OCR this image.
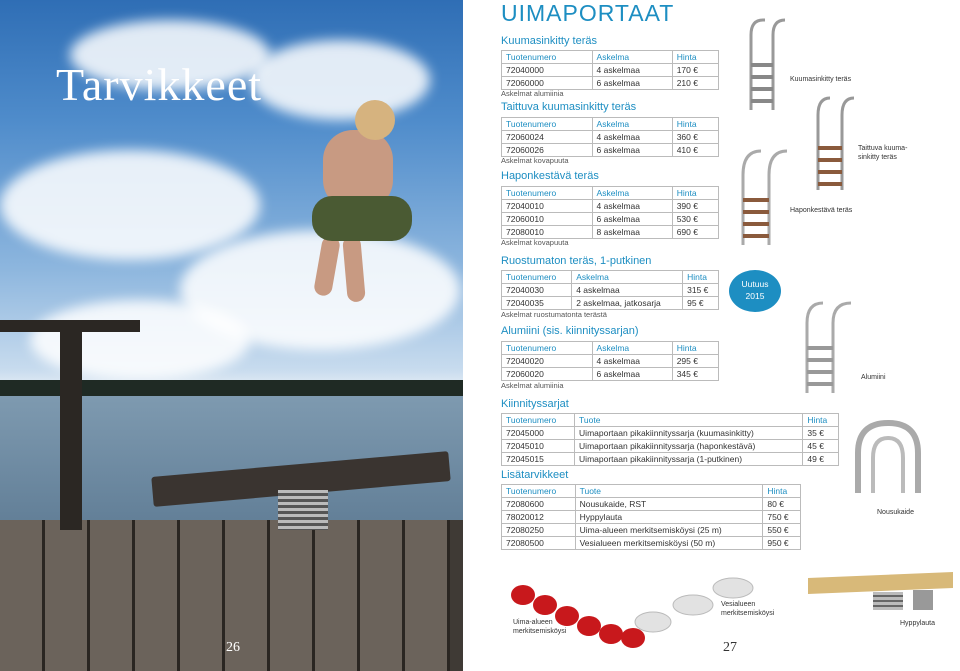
Tarvikkeet
26
UIMAPORTAAT
Kuumasinkitty teräs
Tuotenumero	Askelma	Hinta
72040000	4 askelmaa	170 €
72060000	6 askelmaa	210 €
Askelmat alumiinia
Taittuva kuumasinkitty teräs
Tuotenumero	Askelma	Hinta
72060024	4 askelmaa	360 €
72060026	6 askelmaa	410 €
Askelmat kovapuuta
Haponkestävä teräs
Tuotenumero	Askelma	Hinta
72040010	4 askelmaa	390 €
72060010	6 askelmaa	530 €
72080010	8 askelmaa	690 €
Askelmat kovapuuta
Ruostumaton teräs, 1-putkinen
Tuotenumero	Askelma	Hinta
72040030	4 askelmaa	315 €
72040035	2 askelmaa, jatkosarja	95 €
Askelmat ruostumatonta terästä
Alumiini (sis. kiinnityssarjan)
Tuotenumero	Askelma	Hinta
72040020	4 askelmaa	295 €
72060020	6 askelmaa	345 €
Askelmat alumiinia
Kiinnityssarjat
Tuotenumero	Tuote	Hinta
72045000	Uimaportaan pikakiinnityssarja (kuumasinkitty)	35 €
72045010	Uimaportaan pikakiinnityssarja (haponkestävä)	45 €
72045015	Uimaportaan pikakiinnityssarja (1-putkinen)	49 €
Lisätarvikkeet
Tuotenumero	Tuote	Hinta
72080600	Nousukaide, RST	80 €
78020012	Hyppylauta	750 €
72080250	Uima-alueen merkitsemisköysi (25 m)	550 €
72080500	Vesialueen merkitsemisköysi (50 m)	950 €
Uutuus
2015
Kuumasinkitty teräs
Taittuva kuuma-
sinkitty teräs
Haponkestävä teräs
Alumiini
Nousukaide
Uima-alueen
merkitsemisköysi
Vesialueen
merkitsemisköysi
Hyppylauta
27
